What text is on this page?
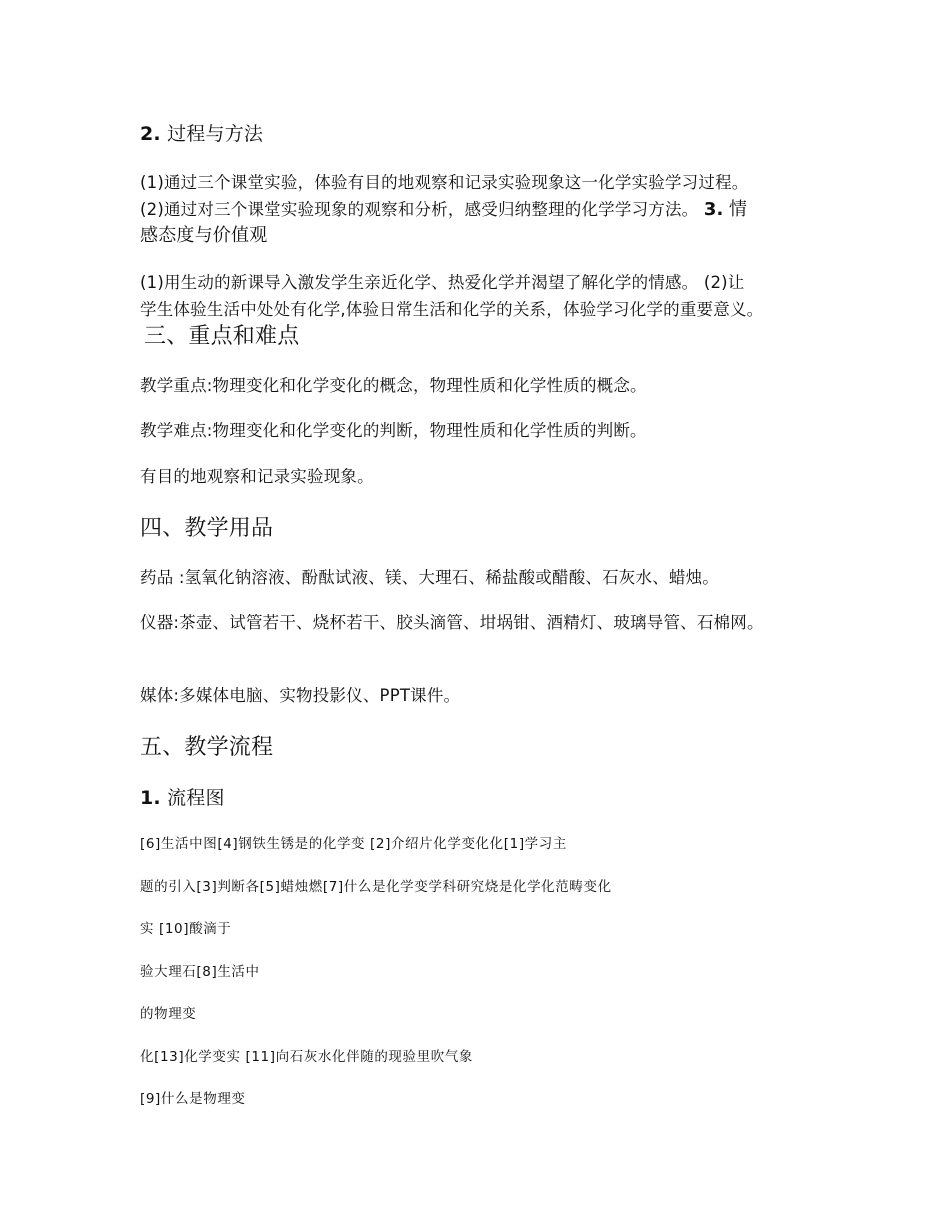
2. 过程与方法
(1)通过三个课堂实验，体验有目的地观察和记录实验现象这一化学实验学习过程。
(2)通过对三个课堂实验现象的观察和分析，感受归纳整理的化学学习方法。 3. 情
感态度与价值观
(1)用生动的新课导入激发学生亲近化学、热爱化学并渴望了解化学的情感。 (2)让
学生体验生活中处处有化学,体验日常生活和化学的关系，体验学习化学的重要意义。
三、重点和难点
教学重点:物理变化和化学变化的概念，物理性质和化学性质的概念。
教学难点:物理变化和化学变化的判断，物理性质和化学性质的判断。
有目的地观察和记录实验现象。
四、教学用品
药品 :氢氧化钠溶液、酚酞试液、镁、大理石、稀盐酸或醋酸、石灰水、蜡烛。
仪器:茶壶、试管若干、烧杯若干、胶头滴管、坩埚钳、酒精灯、玻璃导管、石棉网。
媒体:多媒体电脑、实物投影仪、PPT课件。
五、教学流程
1. 流程图
[6]生活中图[4]钢铁生锈是的化学变 [2]介绍片化学变化化[1]学习主
题的引入[3]判断各[5]蜡烛燃[7]什么是化学变学科研究烧是化学化范畴变化
实 [10]酸滴于
验大理石[8]生活中
的物理变
化[13]化学变实 [11]向石灰水化伴随的现验里吹气象
[9]什么是物理变
